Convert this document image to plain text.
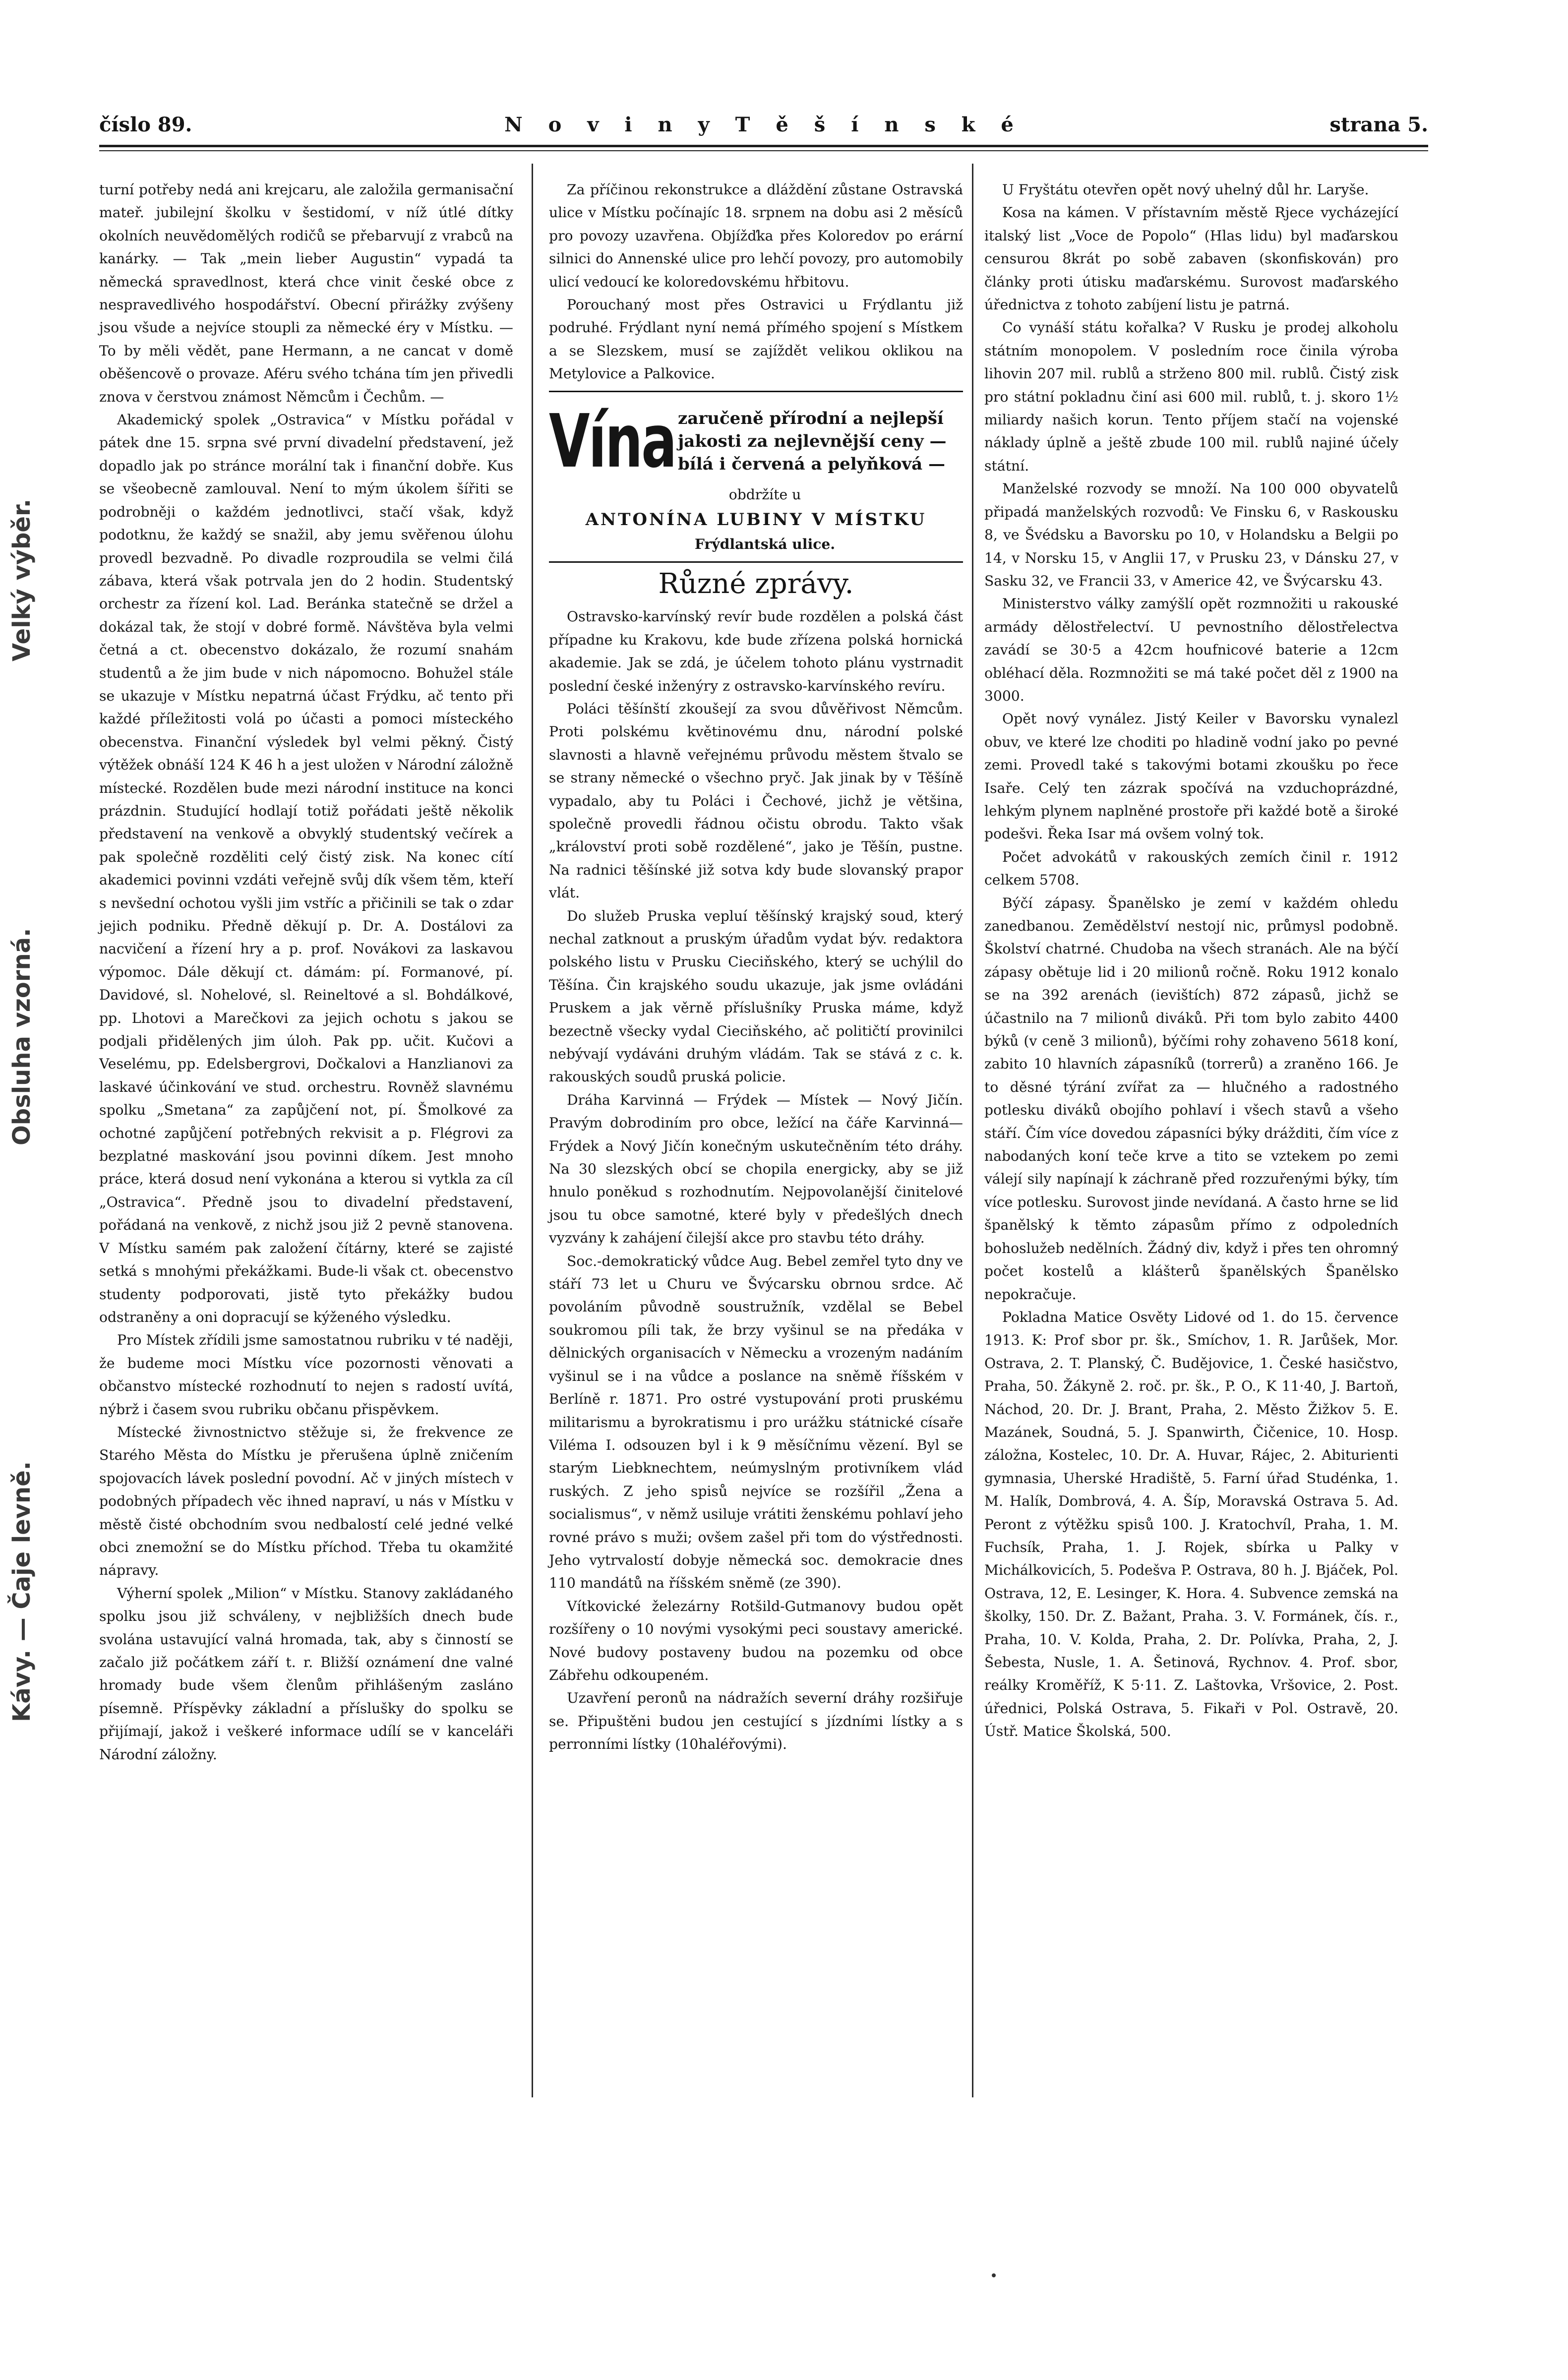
číslo 89.	N o v i n y T ě š í n s k é	strana 5.
Velký výběr.
Obsluha vzorná.
Kávy. — Čaje levně.

turní potřeby nedá ani krejcaru, ale založila germanisační mateř. jubilejní školku v šestidomí, v níž útlé dítky okolních neuvědomělých rodičů se přebarvují z vrabců na kanárky. — Tak „mein lieber Augustin“ vypadá ta německá spravedlnost, která chce vinit české obce z nespravedlivého hospodářství. Obecní přirážky zvýšeny jsou všude a nejvíce stoupli za německé éry v Místku. — To by měli vědět, pane Hermann, a ne cancat v domě oběšencově o provaze. Aféru svého tchána tím jen přivedli znova v čerstvou známost Němcům i Čechům. —

Akademický spolek „Ostravica“ v Místku pořádal v pátek dne 15. srpna své první divadelní představení, jež dopadlo jak po stránce morální tak i finanční dobře. Kus se všeobecně zamlouval. Není to mým úkolem šířiti se podrobněji o každém jednotlivci, stačí však, když podotknu, že každý se snažil, aby jemu svěřenou úlohu provedl bezvadně. Po divadle rozproudila se velmi čilá zábava, která však potrvala jen do 2 hodin. Studentský orchestr za řízení kol. Lad. Beránka statečně se držel a dokázal tak, že stojí v dobré formě. Návštěva byla velmi četná a ct. obecenstvo dokázalo, že rozumí snahám studentů a že jim bude v nich nápomocno. Bohužel stále se ukazuje v Místku nepatrná účast Frýdku, ač tento při každé příležitosti volá po účasti a pomoci místeckého obecenstva. Finanční výsledek byl velmi pěkný. Čistý výtěžek obnáší 124 K 46 h a jest uložen v Národní záložně místecké. Rozdělen bude mezi národní instituce na konci prázdnin. Studující hodlají totiž pořádati ještě několik představení na venkově a obvyklý studentský večírek a pak společně rozděliti celý čistý zisk. Na konec cítí akademici povinni vzdáti veřejně svůj dík všem těm, kteří s nevšední ochotou vyšli jim vstříc a přičinili se tak o zdar jejich podniku. Předně děkují p. Dr. A. Dostálovi za nacvičení a řízení hry a p. prof. Novákovi za laskavou výpomoc. Dále děkují ct. dámám: pí. Formanové, pí. Davidové, sl. Nohelové, sl. Reineltové a sl. Bohdálkové, pp. Lhotovi a Marečkovi za jejich ochotu s jakou se podjali přidělených jim úloh. Pak pp. učit. Kučovi a Veselému, pp. Edelsbergrovi, Dočkalovi a Hanzlianovi za laskavé účinkování ve stud. orchestru. Rovněž slavnému spolku „Smetana“ za zapůjčení not, pí. Šmolkové za ochotné zapůjčení potřebných rekvisit a p. Flégrovi za bezplatné maskování jsou povinni díkem. Jest mnoho práce, která dosud není vykonána a kterou si vytkla za cíl „Ostravica“. Předně jsou to divadelní představení, pořádaná na venkově, z nichž jsou již 2 pevně stanovena. V Místku samém pak založení čítárny, které se zajisté setká s mnohými překážkami. Bude-li však ct. obecenstvo studenty podporovati, jistě tyto překážky budou odstraněny a oni dopracují se kýženého výsledku.

Pro Místek zřídili jsme samostatnou rubriku v té naději, že budeme moci Místku více pozornosti věnovati a občanstvo místecké rozhodnutí to nejen s radostí uvítá, nýbrž i časem svou rubriku občanu přispěvkem.

Místecké živnostnictvo stěžuje si, že frekvence ze Starého Města do Místku je přerušena úplně zničením spojovacích lávek poslední povodní. Ač v jiných místech v podobných případech věc ihned napraví, u nás v Místku v městě čisté obchodním svou nedbalostí celé jedné velké obci znemožní se do Místku příchod. Třeba tu okamžité nápravy.

Výherní spolek „Milion“ v Místku. Stanovy zakládaného spolku jsou již schváleny, v nejbližších dnech bude svolána ustavující valná hromada, tak, aby s činností se začalo již počátkem září t. r. Bližší oznámení dne valné hromady bude všem členům přihlášeným zasláno písemně. Příspěvky základní a příslušky do spolku se přijímají, jakož i veškeré informace udílí se v kanceláři Národní záložny.

Za příčinou rekonstrukce a dláždění zůstane Ostravská ulice v Místku počínajíc 18. srpnem na dobu asi 2 měsíců pro povozy uzavřena. Objížďka přes Koloredov po erární silnici do Annenské ulice pro lehčí povozy, pro automobily ulicí vedoucí ke koloredovskému hřbitovu.

Porouchaný most přes Ostravici u Frýdlantu již podruhé. Frýdlant nyní nemá přímého spojení s Místkem a se Slezskem, musí se zajíždět velikou oklikou na Metylovice a Palkovice.

Vína zaručeně přírodní a nejlepší jakosti za nejlevnější ceny — bílá i červená a pelyňková —

obdržíte u

ANTONÍNA LUBINY V MÍSTKU

Frýdlantská ulice.

Různé zprávy.

Ostravsko-karvínský revír bude rozdělen a polská část případne ku Krakovu, kde bude zřízena polská hornická akademie. Jak se zdá, je účelem tohoto plánu vystrnadit poslední české inženýry z ostravsko-karvínského revíru.

Poláci těšínští zkoušejí za svou důvěřivost Němcům. Proti polskému květinovému dnu, národní polské slavnosti a hlavně veřejnému průvodu městem štvalo se se strany německé o všechno pryč. Jak jinak by v Těšíně vypadalo, aby tu Poláci i Čechové, jichž je většina, společně provedli řádnou očistu obrodu. Takto však „království proti sobě rozdělené“, jako je Těšín, pustne. Na radnici těšínské již sotva kdy bude slovanský prapor vlát.

Do služeb Pruska vepluí těšínský krajský soud, který nechal zatknout a pruským úřadům vydat býv. redaktora polského listu v Prusku Cieciňského, který se uchýlil do Těšína. Čin krajského soudu ukazuje, jak jsme ovládáni Pruskem a jak věrně příslušníky Pruska máme, když bezectně všecky vydal Cieciňského, ač političtí provinilci nebývají vydáváni druhým vládám. Tak se stává z c. k. rakouských soudů pruská policie.

Dráha Karvinná — Frýdek — Místek — Nový Jičín. Pravým dobrodiním pro obce, ležící na čáře Karvinná—Frýdek a Nový Jičín konečným uskutečněním této dráhy. Na 30 slezských obcí se chopila energicky, aby se již hnulo poněkud s rozhodnutím. Nejpovolanější činitelové jsou tu obce samotné, které byly v předešlých dnech vyzvány k zahájení čilejší akce pro stavbu této dráhy.

Soc.-demokratický vůdce Aug. Bebel zemřel tyto dny ve stáří 73 let u Churu ve Švýcarsku obrnou srdce. Ač povoláním původně soustružník, vzdělal se Bebel soukromou píli tak, že brzy vyšinul se na předáka v dělnických organisacích v Německu a vrozeným nadáním vyšinul se i na vůdce a poslance na sněmě říšském v Berlíně r. 1871. Pro ostré vystupování proti pruskému militarismu a byrokratismu i pro urážku státnické císaře Viléma I. odsouzen byl i k 9 měsíčnímu vězení. Byl se starým Liebknechtem, neúmyslným protivníkem vlád ruských. Z jeho spisů nejvíce se rozšířil „Žena a socialismus“, v němž usiluje vrátiti ženskému pohlaví jeho rovné právo s muži; ovšem zašel při tom do výstřednosti. Jeho vytrvalostí dobyje německá soc. demokracie dnes 110 mandátů na říšském sněmě (ze 390).

Vítkovické železárny Rotšild-Gutmanovy budou opět rozšířeny o 10 novými vysokými peci soustavy americké. Nové budovy postaveny budou na pozemku od obce Zábřehu odkoupeném.

Uzavření peronů na nádražích severní dráhy rozšiřuje se. Připuštěni budou jen cestující s jízdními lístky a s perronními lístky (10haléřovými).

U Fryštátu otevřen opět nový uhelný důl hr. Laryše.

Kosa na kámen. V přístavním městě Rjece vycházející italský list „Voce de Popolo“ (Hlas lidu) byl maďarskou censurou 8krát po sobě zabaven (skonfiskován) pro články proti útisku maďarskému. Surovost maďarského úřednictva z tohoto zabíjení listu je patrná.

Co vynáší státu kořalka? V Rusku je prodej alkoholu státním monopolem. V posledním roce činila výroba lihovin 207 mil. rublů a strženo 800 mil. rublů. Čistý zisk pro státní pokladnu činí asi 600 mil. rublů, t. j. skoro 1½ miliardy našich korun. Tento příjem stačí na vojenské náklady úplně a ještě zbude 100 mil. rublů najiné účely státní.

Manželské rozvody se množí. Na 100 000 obyvatelů připadá manželských rozvodů: Ve Finsku 6, v Raskousku 8, ve Švédsku a Bavorsku po 10, v Holandsku a Belgii po 14, v Norsku 15, v Anglii 17, v Prusku 23, v Dánsku 27, v Sasku 32, ve Francii 33, v Americe 42, ve Švýcarsku 43.

Ministerstvo války zamýšlí opět rozmnožiti u rakouské armády dělostřelectví. U pevnostního dělostřelectva zavádí se 30·5 a 42cm houfnicové baterie a 12cm obléhací děla. Rozmnožiti se má také počet děl z 1900 na 3000.

Opět nový vynález. Jistý Keiler v Bavorsku vynalezl obuv, ve které lze choditi po hladině vodní jako po pevné zemi. Provedl také s takovými botami zkoušku po řece Isaře. Celý ten zázrak spočívá na vzduchoprázdné, lehkým plynem naplněné prostoře při každé botě a široké podešvi. Řeka Isar má ovšem volný tok.

Počet advokátů v rakouských zemích činil r. 1912 celkem 5708.

Býčí zápasy. Španělsko je zemí v každém ohledu zanedbanou. Zemědělství nestojí nic, průmysl podobně. Školství chatrné. Chudoba na všech stranách. Ale na býčí zápasy obětuje lid i 20 milionů ročně. Roku 1912 konalo se na 392 arenách (ievištích) 872 zápasů, jichž se účastnilo na 7 milionů diváků. Při tom bylo zabito 4400 býků (v ceně 3 milionů), býčími rohy zohaveno 5618 koní, zabito 10 hlavních zápasníků (torrerů) a zraněno 166. Je to děsné týrání zvířat za — hlučného a radostného potlesku diváků obojího pohlaví i všech stavů a všeho stáří. Čím více dovedou zápasníci býky drážditi, čím více z nabodaných koní teče krve a tito se vztekem po zemi válejí sily napínají k záchraně před rozzuřenými býky, tím více potlesku. Surovost jinde nevídaná. A často hrne se lid španělský k těmto zápasům přímo z odpoledních bohoslužeb nedělních. Žádný div, když i přes ten ohromný počet kostelů a klášterů španělských Španělsko nepokračuje.

Pokladna Matice Osvěty Lidové od 1. do 15. července 1913. K: Prof sbor pr. šk., Smíchov, 1. R. Jarůšek, Mor. Ostrava, 2. T. Planský, Č. Budějovice, 1. České hasičstvo, Praha, 50. Žákyně 2. roč. pr. šk., P. O., K 11·40, J. Bartoň, Náchod, 20. Dr. J. Brant, Praha, 2. Město Žižkov 5. E. Mazánek, Soudná, 5. J. Spanwirth, Čičenice, 10. Hosp. záložna, Kostelec, 10. Dr. A. Huvar, Rájec, 2. Abiturienti gymnasia, Uherské Hradiště, 5. Farní úřad Studénka, 1. M. Halík, Dombrová, 4. A. Šíp, Moravská Ostrava 5. Ad. Peront z výtěžku spisů 100. J. Kratochvíl, Praha, 1. M. Fuchsík, Praha, 1. J. Rojek, sbírka u Palky v Michálkovicích, 5. Podešva P. Ostrava, 80 h. J. Bjáček, Pol. Ostrava, 12, E. Lesinger, K. Hora. 4. Subvence zemská na školky, 150. Dr. Z. Bažant, Praha. 3. V. Formánek, čís. r., Praha, 10. V. Kolda, Praha, 2. Dr. Polívka, Praha, 2, J. Šebesta, Nusle, 1. A. Šetinová, Rychnov. 4. Prof. sbor, reálky Kroměříž, K 5·11. Z. Laštovka, Vršovice, 2. Post. úřednici, Polská Ostrava, 5. Fikaři v Pol. Ostravě, 20. Ústř. Matice Školská, 500.
